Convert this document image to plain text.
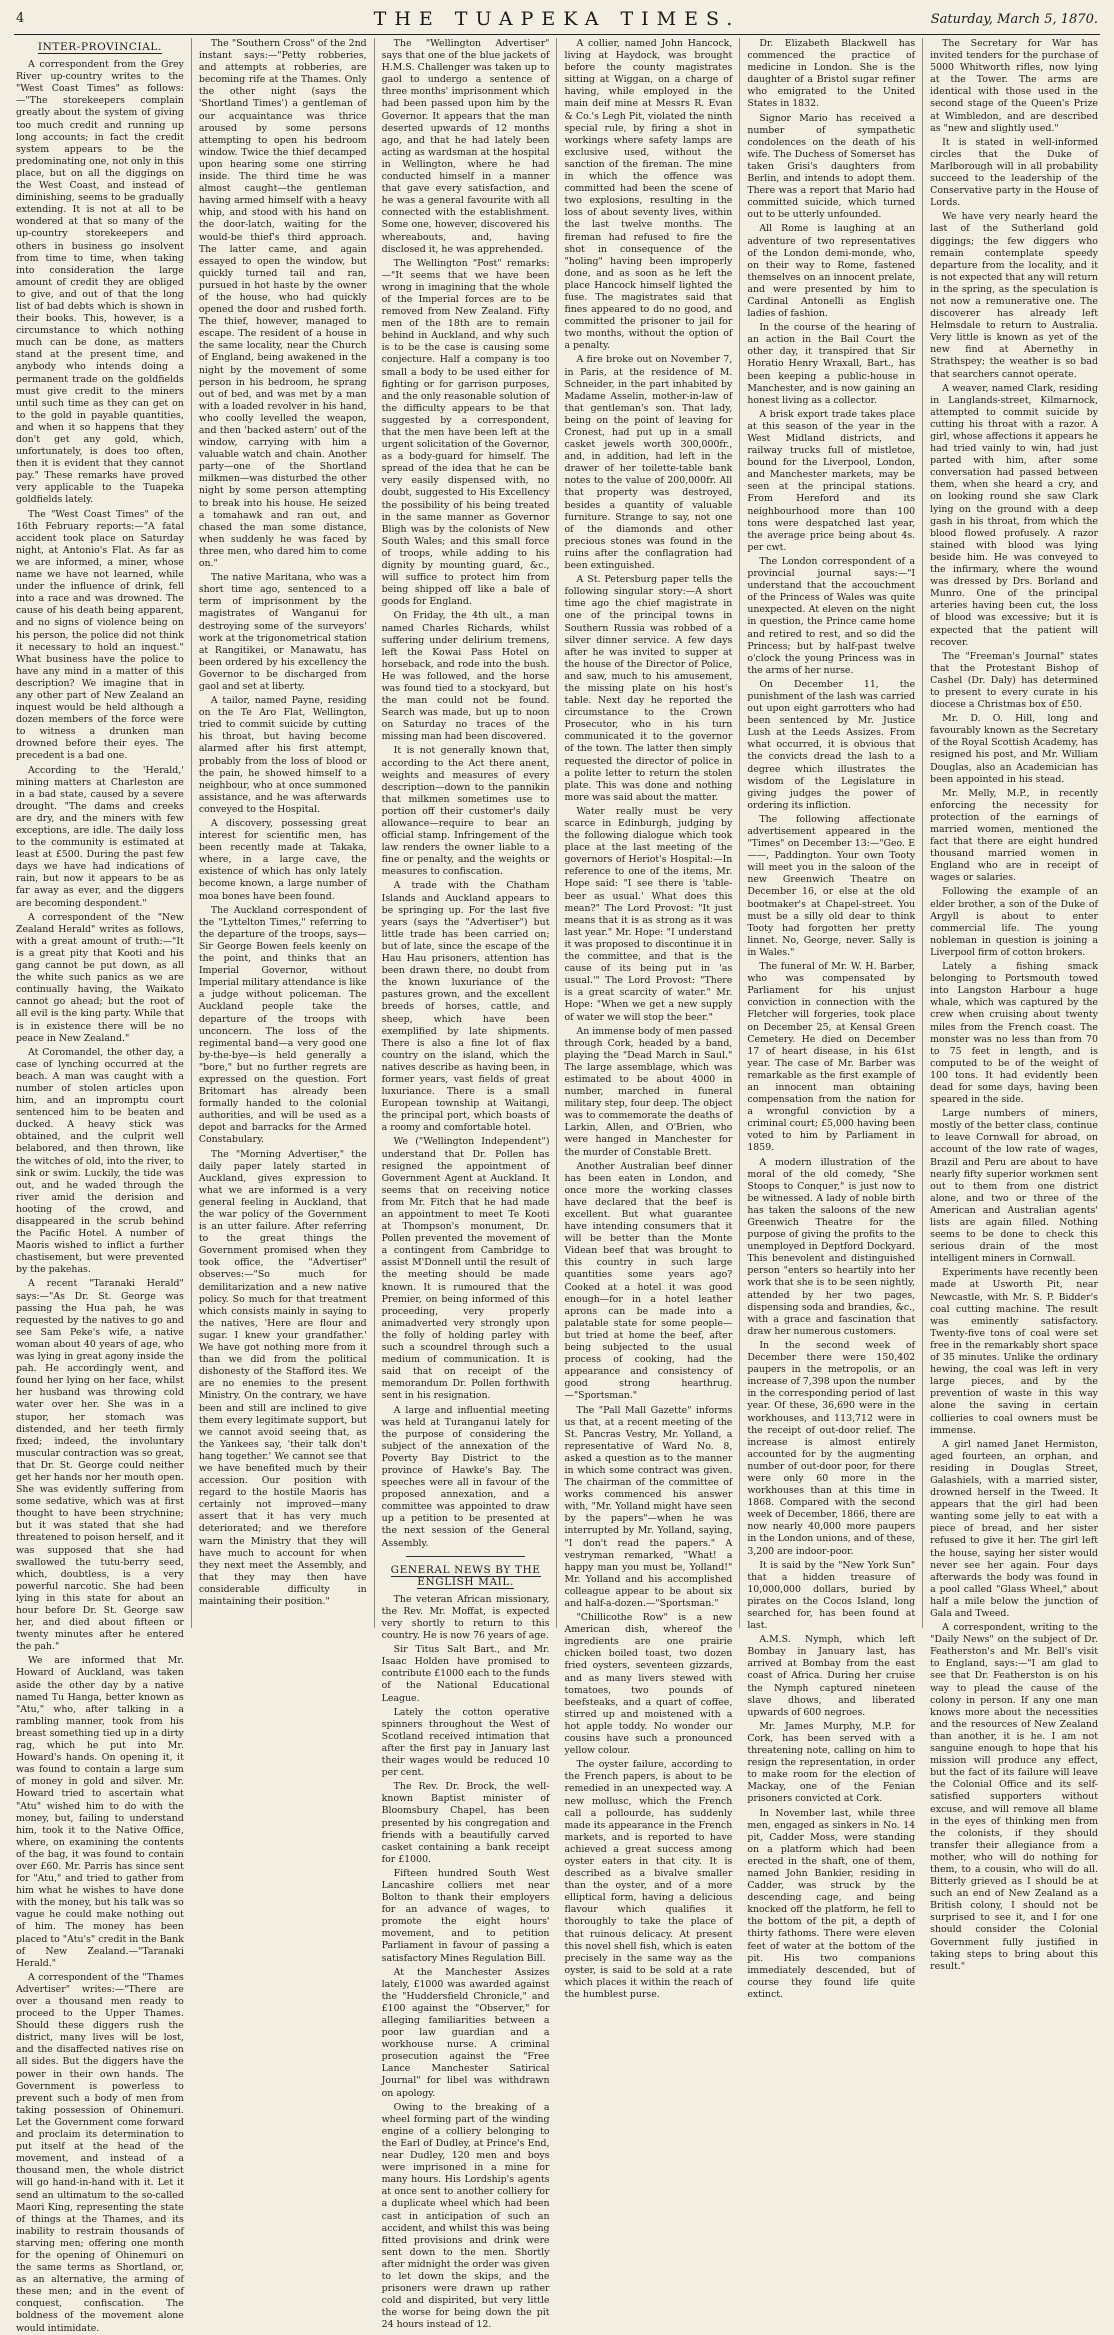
4	THE TUAPEKA TIMES.	Saturday, March 5, 1870.
INTER-PROVINCIAL.

A correspondent from the Grey River up-country writes to the "West Coast Times" as follows:—"The storekeepers complain greatly about the system of giving too much credit and running up long accounts; in fact the credit system appears to be the predominating one, not only in this place, but on all the diggings on the West Coast, and instead of diminishing, seems to be gradually extending. It is not at all to be wondered at that so many of the up-country storekeepers and others in business go insolvent from time to time, when taking into consideration the large amount of credit they are obliged to give, and out of that the long list of bad debts which is shown in their books. This, however, is a circumstance to which nothing much can be done, as matters stand at the present time, and anybody who intends doing a permanent trade on the goldfields must give credit to the miners until such time as they can get on to the gold in payable quantities, and when it so happens that they don't get any gold, which, unfortunately, is does too often, then it is evident that they cannot pay." These remarks have proved very applicable to the Tuapeka goldfields lately.

The "West Coast Times" of the 16th February reports:—"A fatal accident took place on Saturday night, at Antonio's Flat. As far as we are informed, a miner, whose name we have not learned, while under the influence of drink, fell into a race and was drowned. The cause of his death being apparent, and no signs of violence being on his person, the police did not think it necessary to hold an inquest." What business have the police to have any mind in a matter of this description? We imagine that in any other part of New Zealand an inquest would be held although a dozen members of the force were to witness a drunken man drowned before their eyes. The precedent is a bad one.

According to the 'Herald,' mining matters at Charleston are in a bad state, caused by a severe drought. "The dams and creeks are dry, and the miners with few exceptions, are idle. The daily loss to the community is estimated at least at £500. During the past few days we have had indications of rain, but now it appears to be as far away as ever, and the diggers are becoming despondent."

A correspondent of the "New Zealand Herald" writes as follows, with a great amount of truth:—"It is a great pity that Kooti and his gang cannot be put down, as all the white such panics as we are continually having, the Waikato cannot go ahead; but the root of all evil is the king party. While that is in existence there will be no peace in New Zealand."

At Coromandel, the other day, a case of lynching occurred at the beach. A man was caught with a number of stolen articles upon him, and an impromptu court sentenced him to be beaten and ducked. A heavy stick was obtained, and the culprit well belabored, and then thrown, like the witches of old, into the river, to sink or swim. Luckily, the tide was out, and he waded through the river amid the derision and hooting of the crowd, and disappeared in the scrub behind the Pacific Hotel. A number of Maoris wished to inflict a further chastisement, but were prevented by the pakehas.

A recent "Taranaki Herald" says:—"As Dr. St. George was passing the Hua pah, he was requested by the natives to go and see Sam Peke's wife, a native woman about 40 years of age, who was lying in great agony inside the pah. He accordingly went, and found her lying on her face, whilst her husband was throwing cold water over her. She was in a stupor, her stomach was distended, and her teeth firmly fixed; indeed, the involuntary muscular contraction was so great, that Dr. St. George could neither get her hands nor her mouth open. She was evidently suffering from some sedative, which was at first thought to have been strychnine; but it was stated that she had threatened to poison herself, and it was supposed that she had swallowed the tutu-berry seed, which, doubtless, is a very powerful narcotic. She had been lying in this state for about an hour before Dr. St. George saw her, and died about fifteen or twenty minutes after he entered the pah."

We are informed that Mr. Howard of Auckland, was taken aside the other day by a native named Tu Hanga, better known as "Atu," who, after talking in a rambling manner, took from his breast something tied up in a dirty rag, which he put into Mr. Howard's hands. On opening it, it was found to contain a large sum of money in gold and silver. Mr. Howard tried to ascertain what "Atu" wished him to do with the money, but, failing to understand him, took it to the Native Office, where, on examining the contents of the bag, it was found to contain over £60. Mr. Parris has since sent for "Atu," and tried to gather from him what he wishes to have done with the money, but his talk was so vague he could make nothing out of him. The money has been placed to "Atu's" credit in the Bank of New Zealand.—"Taranaki Herald."

A correspondent of the "Thames Advertiser" writes:—"There are over a thousand men ready to proceed to the Upper Thames. Should these diggers rush the district, many lives will be lost, and the disaffected natives rise on all sides. But the diggers have the power in their own hands. The Government is powerless to prevent such a body of men from taking possession of Ohinemuri. Let the Government come forward and proclaim its determination to put itself at the head of the movement, and instead of a thousand men, the whole district will go hand-in-hand with it. Let it send an ultimatum to the so-called Maori King, representing the state of things at the Thames, and its inability to restrain thousands of starving men; offering one month for the opening of Ohinemuri on the same terms as Shortland, or, as an alternative, the arming of these men; and in the event of conquest, confiscation. The boldness of the movement alone would intimidate.

The "Southern Cross" of the 2nd instant says:—"Petty robberies, and attempts at robberies, are becoming rife at the Thames. Only the other night (says the 'Shortland Times') a gentleman of our acquaintance was thrice aroused by some persons attempting to open his bedroom window. Twice the thief decamped upon hearing some one stirring inside. The third time he was almost caught—the gentleman having armed himself with a heavy whip, and stood with his hand on the door-latch, waiting for the would-be thief's third approach. The latter came, and again essayed to open the window, but quickly turned tail and ran, pursued in hot haste by the owner of the house, who had quickly opened the door and rushed forth. The thief, however, managed to escape. The resident of a house in the same locality, near the Church of England, being awakened in the night by the movement of some person in his bedroom, he sprang out of bed, and was met by a man with a loaded revolver in his hand, who coolly levelled the weapon, and then 'backed astern' out of the window, carrying with him a valuable watch and chain. Another party—one of the Shortland milkmen—was disturbed the other night by some person attempting to break into his house. He seized a tomahawk and ran out, and chased the man some distance, when suddenly he was faced by three men, who dared him to come on."

The native Maritana, who was a short time ago, sentenced to a term of imprisonment by the magistrates of Wanganui for destroying some of the surveyors' work at the trigonometrical station at Rangitikei, or Manawatu, has been ordered by his excellency the Governor to be discharged from gaol and set at liberty.

A tailor, named Payne, residing on the Te Aro Flat, Wellington, tried to commit suicide by cutting his throat, but having become alarmed after his first attempt, probably from the loss of blood or the pain, he showed himself to a neighbour, who at once summoned assistance, and he was afterwards conveyed to the Hospital.

A discovery, possessing great interest for scientific men, has been recently made at Takaka, where, in a large cave, the existence of which has only lately become known, a large number of moa bones have been found.

The Auckland correspondent of the "Lyttelton Times," referring to the departure of the troops, says—Sir George Bowen feels keenly on the point, and thinks that an Imperial Governor, without Imperial military attendance is like a judge without policeman. The Auckland people take the departure of the troops with unconcern. The loss of the regimental band—a very good one by-the-bye—is held generally a "bore," but no further regrets are expressed on the question. Fort Britomart has already been formally handed to the colonial authorities, and will be used as a depot and barracks for the Armed Constabulary.

The "Morning Advertiser," the daily paper lately started in Auckland, gives expression to what we are informed is a very general feeling in Auckland, that the war policy of the Government is an utter failure. After referring to the great things the Government promised when they took office, the "Advertiser" observes:—"So much for demilitarization and a new native policy. So much for that treatment which consists mainly in saying to the natives, 'Here are flour and sugar. I knew your grandfather.' We have got nothing more from it than we did from the political dishonesty of the Stafford ites. We are no enemies to the present Ministry. On the contrary, we have been and still are inclined to give them every legitimate support, but we cannot avoid seeing that, as the Yankees say, 'their talk don't hang together.' We cannot see that we have benefited much by their accession. Our position with regard to the hostile Maoris has certainly not improved—many assert that it has very much deteriorated; and we therefore warn the Ministry that they will have much to account for when they next meet the Assembly, and that they may then have considerable difficulty in maintaining their position."

The "Wellington Advertiser" says that one of the blue jackets of H.M.S. Challenger was taken up to gaol to undergo a sentence of three months' imprisonment which had been passed upon him by the Governor. It appears that the man deserted upwards of 12 months ago, and that he had lately been acting as wardsman at the hospital in Wellington, where he had conducted himself in a manner that gave every satisfaction, and he was a general favourite with all connected with the establishment. Some one, however, discovered his whereabouts, and, having disclosed it, he was apprehended.

The Wellington "Post" remarks:—"It seems that we have been wrong in imagining that the whole of the Imperial forces are to be removed from New Zealand. Fifty men of the 18th are to remain behind in Auckland, and why such is to be the case is causing some conjecture. Half a company is too small a body to be used either for fighting or for garrison purposes, and the only reasonable solution of the difficulty appears to be that suggested by a correspondent, that the men have been left at the urgent solicitation of the Governor, as a body-guard for himself. The spread of the idea that he can be very easily dispensed with, no doubt, suggested to His Excellency the possibility of his being treated in the same manner as Governor Bligh was by the colonists of New South Wales; and this small force of troops, while adding to his dignity by mounting guard, &c., will suffice to protect him from being shipped off like a bale of goods for England.

On Friday, the 4th ult., a man named Charles Richards, whilst suffering under delirium tremens, left the Kowai Pass Hotel on horseback, and rode into the bush. He was followed, and the horse was found tied to a stockyard, but the man could not be found. Search was made, but up to noon on Saturday no traces of the missing man had been discovered.

It is not generally known that, according to the Act there anent, weights and measures of every description—down to the pannikin that milkmen sometimes use to portion off their customer's daily allowance—require to bear an official stamp. Infringement of the law renders the owner liable to a fine or penalty, and the weights or measures to confiscation.

A trade with the Chatham Islands and Auckland appears to be springing up. For the last five years (says the "Advertiser") but little trade has been carried on; but of late, since the escape of the Hau Hau prisoners, attention has been drawn there, no doubt from the known luxuriance of the pastures grown, and the excellent breeds of horses, cattle, and sheep, which have been exemplified by late shipments. There is also a fine lot of flax country on the island, which the natives describe as having been, in former years, vast fields of great luxuriance. There is a small European township at Waitangi, the principal port, which boasts of a roomy and comfortable hotel.

We ("Wellington Independent") understand that Dr. Pollen has resigned the appointment of Government Agent at Auckland. It seems that on receiving notice from Mr. Fitch that he had made an appointment to meet Te Kooti at Thompson's monument, Dr. Pollen prevented the movement of a contingent from Cambridge to assist M'Donnell until the result of the meeting should be made known. It is rumoured that the Premier, on being informed of this proceeding, very properly animadverted very strongly upon the folly of holding parley with such a scoundrel through such a medium of communication. It is said that on receipt of the memorandum Dr. Pollen forthwith sent in his resignation.

A large and influential meeting was held at Turanganui lately for the purpose of considering the subject of the annexation of the Poverty Bay District to the province of Hawke's Bay. The speeches were all in favour of the proposed annexation, and a committee was appointed to draw up a petition to be presented at the next session of the General Assembly.

GENERAL NEWS BY THE ENGLISH MAIL.

The veteran African missionary, the Rev. Mr. Moffat, is expected very shortly to return to this country. He is now 76 years of age.

Sir Titus Salt Bart., and Mr. Isaac Holden have promised to contribute £1000 each to the funds of the National Educational League.

Lately the cotton operative spinners throughout the West of Scotland received intimation that after the first pay in January last their wages would be reduced 10 per cent.

The Rev. Dr. Brock, the well-known Baptist minister of Bloomsbury Chapel, has been presented by his congregation and friends with a beautifully carved casket containing a bank receipt for £1000.

Fifteen hundred South West Lancashire colliers met near Bolton to thank their employers for an advance of wages, to promote the eight hours' movement, and to petition Parliament in favour of passing a satisfactory Mines Regulation Bill.

At the Manchester Assizes lately, £1000 was awarded against the "Huddersfield Chronicle," and £100 against the "Observer," for alleging familiarities between a poor law guardian and a workhouse nurse. A criminal prosecution against the "Free Lance Manchester Satirical Journal" for libel was withdrawn on apology.

Owing to the breaking of a wheel forming part of the winding engine of a colliery belonging to the Earl of Dudley, at Prince's End, near Dudley, 120 men and boys were imprisoned in a mine for many hours. His Lordship's agents at once sent to another colliery for a duplicate wheel which had been cast in anticipation of such an accident, and whilst this was being fitted provisions and drink were sent down to the men. Shortly after midnight the order was given to let down the skips, and the prisoners were drawn up rather cold and dispirited, but very little the worse for being down the pit 24 hours instead of 12.

A collier, named John Hancock, living at Haydock, was brought before the county magistrates sitting at Wiggan, on a charge of having, while employed in the main deif mine at Messrs R. Evan & Co.'s Legh Pit, violated the ninth special rule, by firing a shot in workings where safety lamps are exclusive used, without the sanction of the fireman. The mine in which the offence was committed had been the scene of two explosions, resulting in the loss of about seventy lives, within the last twelve months. The fireman had refused to fire the shot in consequence of the "holing" having been improperly done, and as soon as he left the place Hancock himself lighted the fuse. The magistrates said that fines appeared to do no good, and committed the prisoner to jail for two months, without the option of a penalty.

A fire broke out on November 7, in Paris, at the residence of M. Schneider, in the part inhabited by Madame Asselin, mother-in-law of that gentleman's son. That lady, being on the point of leaving for Cronest, had put up in a small casket jewels worth 300,000fr., and, in addition, had left in the drawer of her toilette-table bank notes to the value of 200,000fr. All that property was destroyed, besides a quantity of valuable furniture. Strange to say, not one of the diamonds and other precious stones was found in the ruins after the conflagration had been extinguished.

A St. Petersburg paper tells the following singular story:—A short time ago the chief magistrate in one of the principal towns in Southern Russia was robbed of a silver dinner service. A few days after he was invited to supper at the house of the Director of Police, and saw, much to his amusement, the missing plate on his host's table. Next day he reported the circumstance to the Crown Prosecutor, who in his turn communicated it to the governor of the town. The latter then simply requested the director of police in a polite letter to return the stolen plate. This was done and nothing more was said about the matter.

Water really must be very scarce in Edinburgh, judging by the following dialogue which took place at the last meeting of the governors of Heriot's Hospital:—In reference to one of the items, Mr. Hope said: "I see there is 'table-beer as usual.' What does this mean?" The Lord Provost: "It just means that it is as strong as it was last year." Mr. Hope: "I understand it was proposed to discontinue it in the committee, and that is the cause of its being put in 'as usual.'" The Lord Provost: "There is a great scarcity of water." Mr. Hope: "When we get a new supply of water we will stop the beer."

An immense body of men passed through Cork, headed by a band, playing the "Dead March in Saul." The large assemblage, which was estimated to be about 4000 in number, marched in funeral military step, four deep. The object was to commemorate the deaths of Larkin, Allen, and O'Brien, who were hanged in Manchester for the murder of Constable Brett.

Another Australian beef dinner has been eaten in London, and once more the working classes have declared that the beef is excellent. But what guarantee have intending consumers that it will be better than the Monte Videan beef that was brought to this country in such large quantities some years ago? Cooked at a hotel it was good enough—for in a hotel leather aprons can be made into a palatable state for some people—but tried at home the beef, after being subjected to the usual process of cooking, had the appearance and consistency of good strong hearthrug.—"Sportsman."

The "Pall Mall Gazette" informs us that, at a recent meeting of the St. Pancras Vestry, Mr. Yolland, a representative of Ward No. 8, asked a question as to the manner in which some contract was given. The chairman of the committee of works commenced his answer with, "Mr. Yolland might have seen by the papers"—when he was interrupted by Mr. Yolland, saying, "I don't read the papers." A vestryman remarked, "What! a happy man you must be, Yolland!" Mr. Yolland and his accomplished colleague appear to be about six and half-a-dozen.—"Sportsman."

"Chillicothe Row" is a new American dish, whereof the ingredients are one prairie chicken boiled toast, two dozen fried oysters, seventeen gizzards, and as many livers stewed with tomatoes, two pounds of beefsteaks, and a quart of coffee, stirred up and moistened with a hot apple toddy. No wonder our cousins have such a pronounced yellow colour.

The oyster failure, according to the French papers, is about to be remedied in an unexpected way. A new mollusc, which the French call a pollourde, has suddenly made its appearance in the French markets, and is reported to have achieved a great success among oyster eaters in that city. It is described as a bivalve smaller than the oyster, and of a more elliptical form, having a delicious flavour which qualifies it thoroughly to take the place of that ruinous delicacy. At present this novel shell fish, which is eaten precisely in the same way as the oyster, is said to be sold at a rate which places it within the reach of the humblest purse.

Dr. Elizabeth Blackwell has commenced the practice of medicine in London. She is the daughter of a Bristol sugar refiner who emigrated to the United States in 1832.

Signor Mario has received a number of sympathetic condolences on the death of his wife. The Duchess of Somerset has taken Grisi's daughters from Berlin, and intends to adopt them. There was a report that Mario had committed suicide, which turned out to be utterly unfounded.

All Rome is laughing at an adventure of two representatives of the London demi-monde, who, on their way to Rome, fastened themselves on an innocent prelate, and were presented by him to Cardinal Antonelli as English ladies of fashion.

In the course of the hearing of an action in the Bail Court the other day, it transpired that Sir Horatio Henry Wraxall, Bart., has been keeping a public-house in Manchester, and is now gaining an honest living as a collector.

A brisk export trade takes place at this season of the year in the West Midland districts, and railway trucks full of mistletoe, bound for the Liverpool, London, and Manchester markets, may be seen at the principal stations. From Hereford and its neighbourhood more than 100 tons were despatched last year, the average price being about 4s. per cwt.

The London correspondent of a provincial journal says:—"I understand that the accouchment of the Princess of Wales was quite unexpected. At eleven on the night in question, the Prince came home and retired to rest, and so did the Princess; but by half-past twelve o'clock the young Princess was in the arms of her nurse.

On December 11, the punishment of the lash was carried out upon eight garrotters who had been sentenced by Mr. Justice Lush at the Leeds Assizes. From what occurred, it is obvious that the convicts dread the lash to a degree which illustrates the wisdom of the Legislature in giving judges the power of ordering its infliction.

The following affectionate advertisement appeared in the "Times" on December 13:—"Geo. E——, Paddington. Your own Tooty will meet you in the saloon of the new Greenwich Theatre on December 16, or else at the old bootmaker's at Chapel-street. You must be a silly old dear to think Tooty had forgotten her pretty linnet. No, George, never. Sally is in Wales."

The funeral of Mr. W. H. Barber, who was compensated by Parliament for his unjust conviction in connection with the Fletcher will forgeries, took place on December 25, at Kensal Green Cemetery. He died on December 17 of heart disease, in his 61st year. The case of Mr. Barber was remarkable as the first example of an innocent man obtaining compensation from the nation for a wrongful conviction by a criminal court; £5,000 having been voted to him by Parliament in 1859.

A modern illustration of the moral of the old comedy, "She Stoops to Conquer," is just now to be witnessed. A lady of noble birth has taken the saloons of the new Greenwich Theatre for the purpose of giving the profits to the unemployed in Deptford Dockyard. This benevolent and distinguished person "enters so heartily into her work that she is to be seen nightly, attended by her two pages, dispensing soda and brandies, &c., with a grace and fascination that draw her numerous customers.

In the second week of December there were 150,402 paupers in the metropolis, or an increase of 7,398 upon the number in the corresponding period of last year. Of these, 36,690 were in the workhouses, and 113,712 were in the receipt of out-door relief. The increase is almost entirely accounted for by the augmenting number of out-door poor, for there were only 60 more in the workhouses than at this time in 1868. Compared with the second week of December, 1866, there are now nearly 40,000 more paupers in the London unions, and of these, 3,200 are indoor-poor.

It is said by the "New York Sun" that a hidden treasure of 10,000,000 dollars, buried by pirates on the Cocos Island, long searched for, has been found at last.

A.M.S. Nymph, which left Bombay in January last, has arrived at Bombay from the east coast of Africa. During her cruise the Nymph captured nineteen slave dhows, and liberated upwards of 600 negroes.

Mr. James Murphy, M.P. for Cork, has been served with a threatening note, calling on him to resign the representation, in order to make room for the election of Mackay, one of the Fenian prisoners convicted at Cork.

In November last, while three men, engaged as sinkers in No. 14 pit, Cadder Moss, were standing on a platform which had been erected in the shaft, one of them, named John Bankier, residing in Cadder, was struck by the descending cage, and being knocked off the platform, he fell to the bottom of the pit, a depth of thirty fathoms. There were eleven feet of water at the bottom of the pit. His two companions immediately descended, but of course they found life quite extinct.

The Secretary for War has invited tenders for the purchase of 5000 Whitworth rifles, now lying at the Tower. The arms are identical with those used in the second stage of the Queen's Prize at Wimbledon, and are described as "new and slightly used."

It is stated in well-informed circles that the Duke of Marlborough will in all probability succeed to the leadership of the Conservative party in the House of Lords.

We have very nearly heard the last of the Sutherland gold diggings; the few diggers who remain contemplate speedy departure from the locality, and it is not expected that any will return in the spring, as the speculation is not now a remunerative one. The discoverer has already left Helmsdale to return to Australia. Very little is known as yet of the new find at Abernethy in Strathspey; the weather is so bad that searchers cannot operate.

A weaver, named Clark, residing in Langlands-street, Kilmarnock, attempted to commit suicide by cutting his throat with a razor. A girl, whose affections it appears he had tried vainly to win, had just parted with him, after some conversation had passed between them, when she heard a cry, and on looking round she saw Clark lying on the ground with a deep gash in his throat, from which the blood flowed profusely. A razor stained with blood was lying beside him. He was conveyed to the infirmary, where the wound was dressed by Drs. Borland and Munro. One of the principal arteries having been cut, the loss of blood was excessive; but it is expected that the patient will recover.

The "Freeman's Journal" states that the Protestant Bishop of Cashel (Dr. Daly) has determined to present to every curate in his diocese a Christmas box of £50.

Mr. D. O. Hill, long and favourably known as the Secretary of the Royal Scottish Academy, has resigned his post, and Mr. William Douglas, also an Academician has been appointed in his stead.

Mr. Melly, M.P., in recently enforcing the necessity for protection of the earnings of married women, mentioned the fact that there are eight hundred thousand married women in England who are in receipt of wages or salaries.

Following the example of an elder brother, a son of the Duke of Argyll is about to enter commercial life. The young nobleman in question is joining a Liverpool firm of cotton brokers.

Lately a fishing smack belonging to Portsmouth towed into Langston Harbour a huge whale, which was captured by the crew when cruising about twenty miles from the French coast. The monster was no less than from 70 to 75 feet in length, and is computed to be of the weight of 100 tons. It had evidently been dead for some days, having been speared in the side.

Large numbers of miners, mostly of the better class, continue to leave Cornwall for abroad, on account of the low rate of wages, Brazil and Peru are about to have nearly fifty superior workmen sent out to them from one district alone, and two or three of the American and Australian agents' lists are again filled. Nothing seems to be done to check this serious drain of the most intelligent miners in Cornwall.

Experiments have recently been made at Usworth Pit, near Newcastle, with Mr. S. P. Bidder's coal cutting machine. The result was eminently satisfactory. Twenty-five tons of coal were set free in the remarkably short space of 35 minutes. Unlike the ordinary hewing, the coal was left in very large pieces, and by the prevention of waste in this way alone the saving in certain collieries to coal owners must be immense.

A girl named Janet Hermiston, aged fourteen, an orphan, and residing in Douglas Street, Galashiels, with a married sister, drowned herself in the Tweed. It appears that the girl had been wanting some jelly to eat with a piece of bread, and her sister refused to give it her. The girl left the house, saying her sister would never see her again. Four days afterwards the body was found in a pool called "Glass Wheel," about half a mile below the junction of Gala and Tweed.

A correspondent, writing to the "Daily News" on the subject of Dr. Featherston's and Mr. Bell's visit to England, says:—"I am glad to see that Dr. Featherston is on his way to plead the cause of the colony in person. If any one man knows more about the necessities and the resources of New Zealand than another, it is he. I am not sanguine enough to hope that his mission will produce any effect, but the fact of its failure will leave the Colonial Office and its self-satisfied supporters without excuse, and will remove all blame in the eyes of thinking men from the colonists, if they should transfer their allegiance from a mother, who will do nothing for them, to a cousin, who will do all. Bitterly grieved as I should be at such an end of New Zealand as a British colony, I should not be surprised to see it, and I for one should consider the Colonial Government fully justified in taking steps to bring about this result."
